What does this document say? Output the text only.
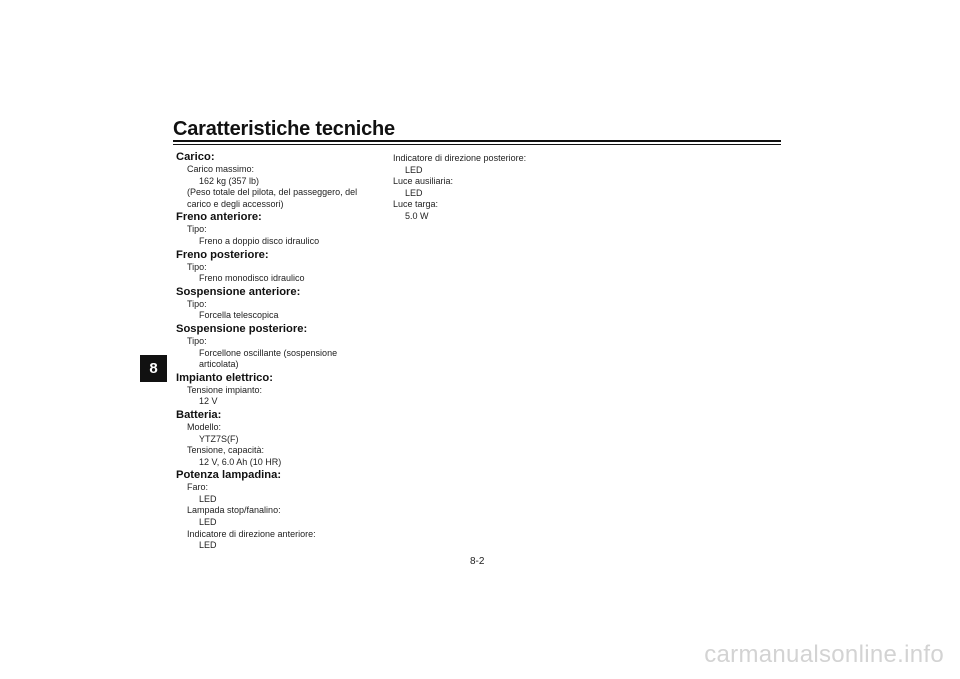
Caratteristiche tecniche
8
Carico:
Carico massimo:
162 kg (357 lb)
(Peso totale del pilota, del passeggero, del carico e degli accessori)
Freno anteriore:
Tipo:
Freno a doppio disco idraulico
Freno posteriore:
Tipo:
Freno monodisco idraulico
Sospensione anteriore:
Tipo:
Forcella telescopica
Sospensione posteriore:
Tipo:
Forcellone oscillante (sospensione
articolata)
Impianto elettrico:
Tensione impianto:
12 V
Batteria:
Modello:
YTZ7S(F)
Tensione, capacità:
12 V, 6.0 Ah (10 HR)
Potenza lampadina:
Faro:
LED
Lampada stop/fanalino:
LED
Indicatore di direzione anteriore:
LED
Indicatore di direzione posteriore:
LED
Luce ausiliaria:
LED
Luce targa:
5.0 W
8-2
carmanualsonline.info
